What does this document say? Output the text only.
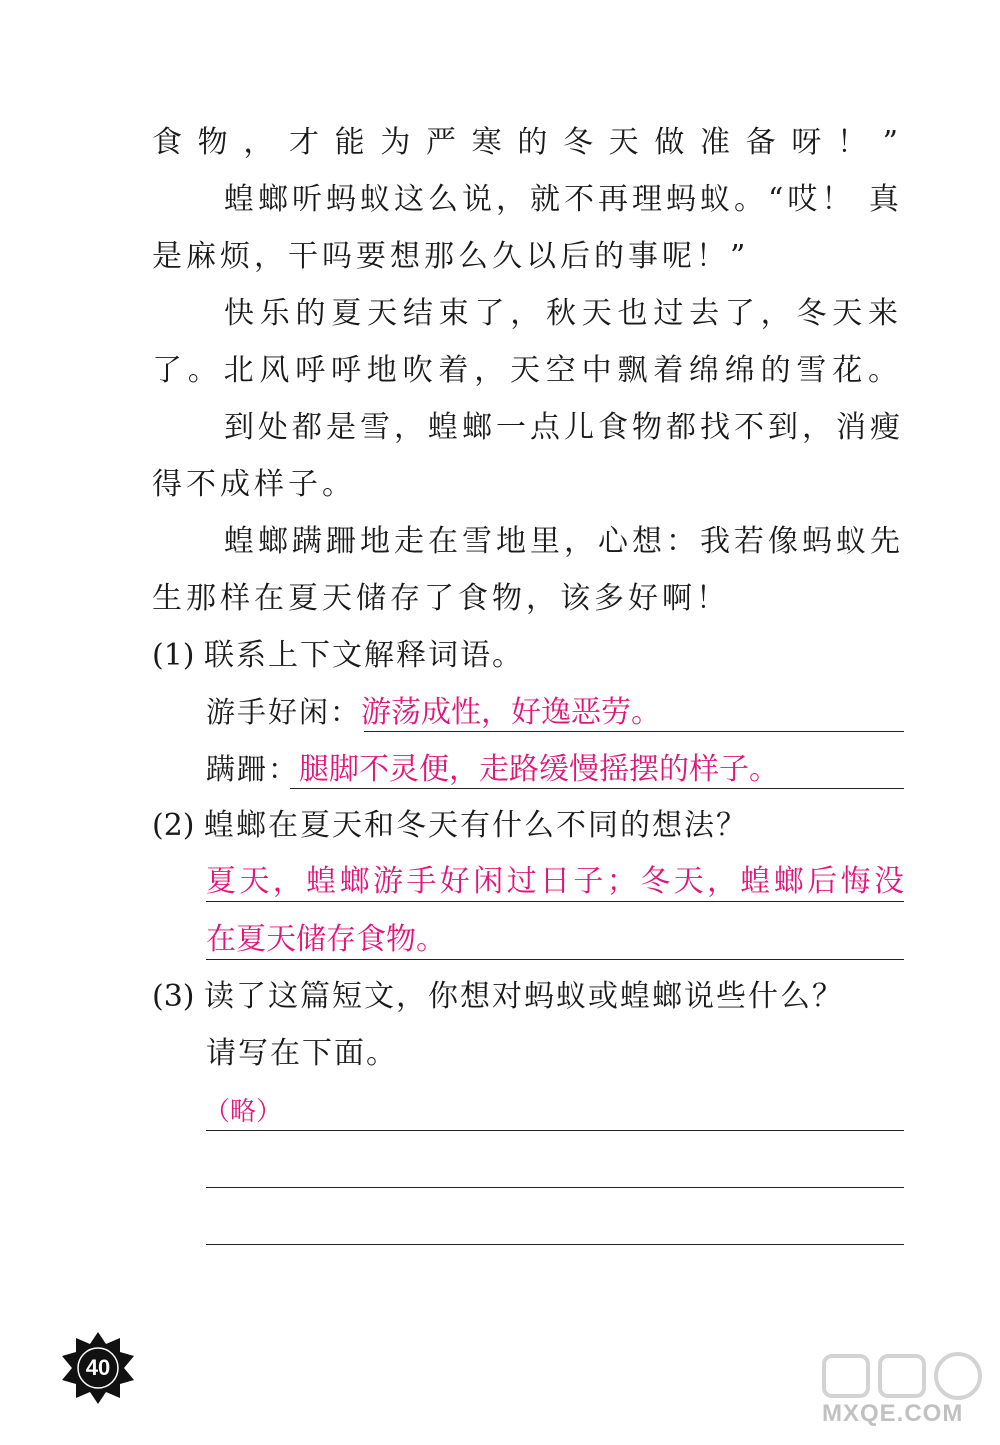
食物，才能为严寒的冬天做准备呀！”
蝗螂听蚂蚁这么说，就不再理蚂蚁。“哎！ 真
是麻烦，干吗要想那么久以后的事呢！”
快乐的夏天结束了，秋天也过去了，冬天来
了。北风呼呼地吹着，天空中飘着绵绵的雪花。
到处都是雪，蝗螂一点儿食物都找不到，消瘦
得不成样子。
蝗螂蹒跚地走在雪地里，心想：我若像蚂蚁先
生那样在夏天储存了食物，该多好啊！
(1) 联系上下文解释词语。
游手好闲：游荡成性，好逸恶劳。
蹒跚：腿脚不灵便，走路缓慢摇摆的样子。
(2) 蝗螂在夏天和冬天有什么不同的想法？
夏天，蝗螂游手好闲过日子；冬天，蝗螂后悔没
在夏天储存食物。
(3) 读了这篇短文，你想对蚂蚁或蝗螂说些什么？
请写在下面。
（略）
40
MXQE.COM
